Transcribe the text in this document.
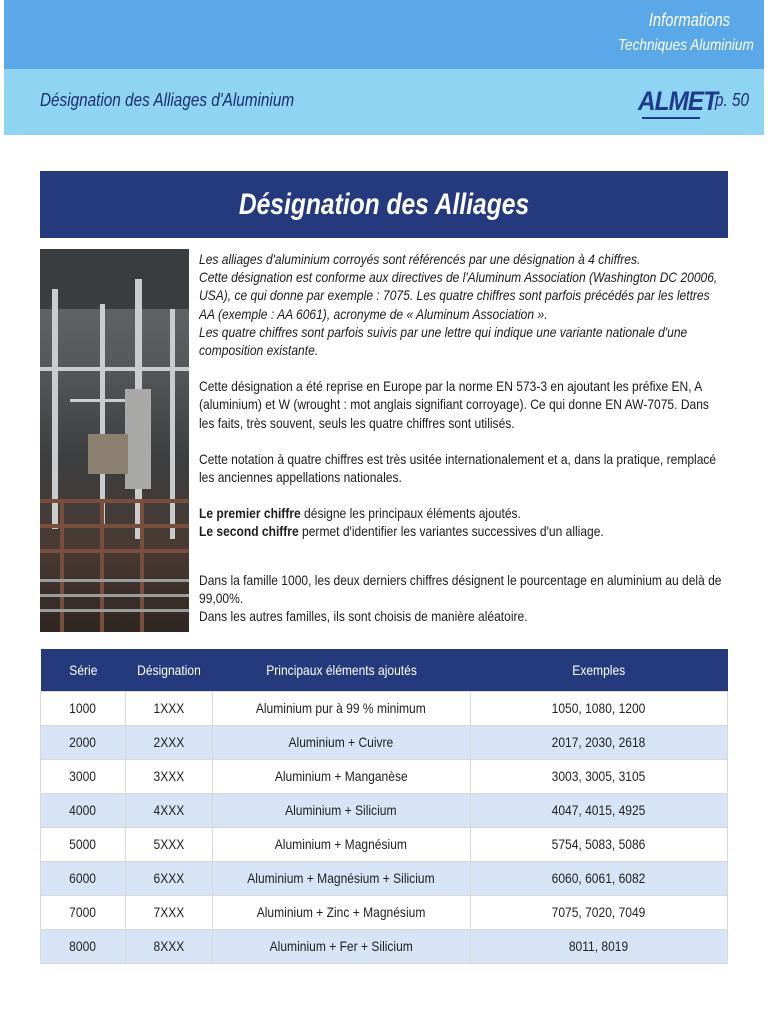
Informations
Techniques Aluminium
Désignation des Alliages d'Aluminium	ALMET
p. 50
Désignation des Alliages

Les alliages d'aluminium corroyés sont référencés par une désignation à 4 chiffres.

Cette désignation est conforme aux directives de l'Aluminum Association (Washington DC 20006, USA), ce qui donne par exemple : 7075. Les quatre chiffres sont parfois précédés par les lettres AA (exemple : AA 6061), acronyme de « Aluminum Association ».

Les quatre chiffres sont parfois suivis par une lettre qui indique une variante nationale d'une composition existante.

Cette désignation a été reprise en Europe par la norme EN 573-3 en ajoutant les préfixe EN, A (aluminium) et W (wrought : mot anglais signifiant corroyage). Ce qui donne EN AW-7075. Dans les faits, très souvent, seuls les quatre chiffres sont utilisés.

Cette notation à quatre chiffres est très usitée internationalement et a, dans la pratique, remplacé les anciennes appellations nationales.

Le premier chiffre désigne les principaux éléments ajoutés.

Le second chiffre permet d'identifier les variantes successives d'un alliage.

Dans la famille 1000, les deux derniers chiffres désignent le pourcentage en aluminium au delà de 99,00%.

Dans les autres familles, ils sont choisis de manière aléatoire.

Série	Désignation	Principaux éléments ajoutés	Exemples
1000	1XXX	Aluminium pur à 99 % minimum	1050, 1080, 1200
2000	2XXX	Aluminium + Cuivre	2017, 2030, 2618
3000	3XXX	Aluminium + Manganèse	3003, 3005, 3105
4000	4XXX	Aluminium + Silicium	4047, 4015, 4925
5000	5XXX	Aluminium + Magnésium	5754, 5083, 5086
6000	6XXX	Aluminium + Magnésium + Silicium	6060, 6061, 6082
7000	7XXX	Aluminium + Zinc + Magnésium	7075, 7020, 7049
8000	8XXX	Aluminium + Fer + Silicium	8011, 8019
